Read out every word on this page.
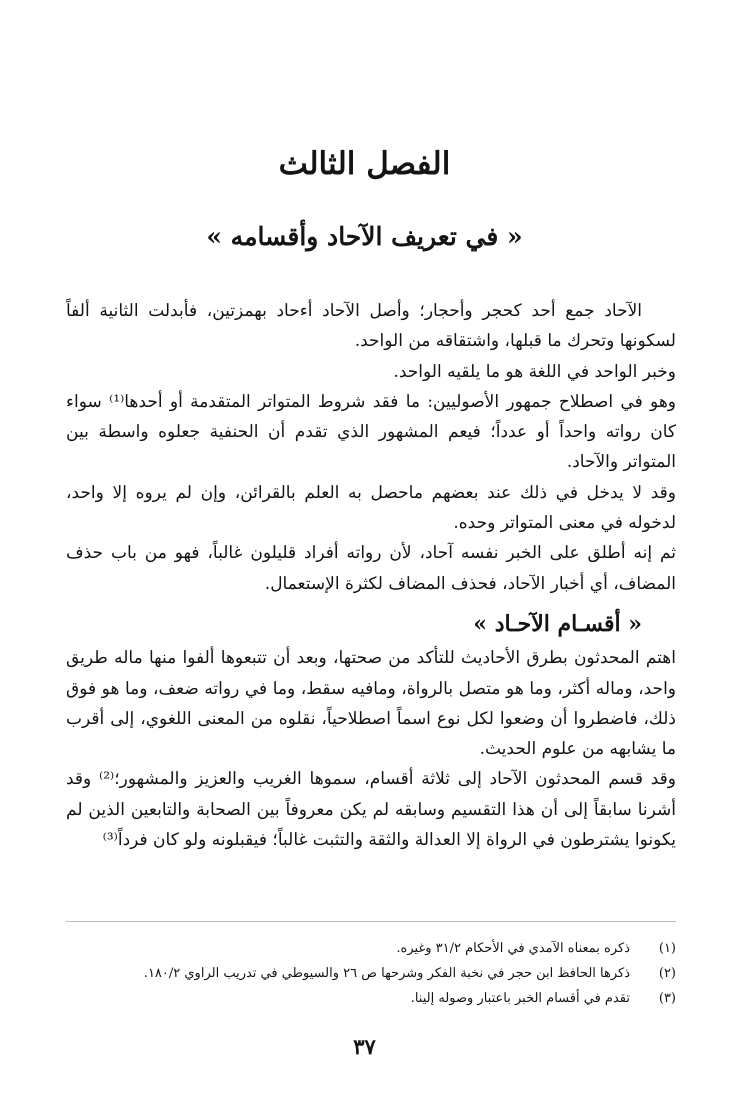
الفصل الثالث
« في تعريف الآحاد وأقسامه »

الآحاد جمع أحد كحجر وأحجار؛ وأصل الآحاد أءحاد بهمزتين، فأبدلت الثانية ألفاً لسكونها وتحرك ما قبلها، واشتقاقه من الواحد.

وخبر الواحد في اللغة هو ما يلقيه الواحد.

وهو في اصطلاح جمهور الأصوليين: ما فقد شروط المتواتر المتقدمة أو أحدها⁽¹⁾ سواء كان رواته واحداً أو عدداً؛ فيعم المشهور الذي تقدم أن الحنفية جعلوه واسطة بين المتواتر والآحاد.

وقد لا يدخل في ذلك عند بعضهم ماحصل به العلم بالقرائن، وإن لم يروه إلا واحد، لدخوله في معنى المتواتر وحده.

ثم إنه أطلق على الخبر نفسه آحاد، لأن رواته أفراد قليلون غالباً، فهو من باب حذف المضاف، أي أخبار الآحاد، فحذف المضاف لكثرة الإستعمال.

« أقسـام الآحـاد »

اهتم المحدثون بطرق الأحاديث للتأكد من صحتها، وبعد أن تتبعوها ألفوا منها ماله طريق واحد، وماله أكثر، وما هو متصل بالرواة، ومافيه سقط، وما في رواته ضعف، وما هو فوق ذلك، فاضطروا أن وضعوا لكل نوع اسماً اصطلاحياً، نقلوه من المعنى اللغوي، إلى أقرب ما يشابهه من علوم الحديث.

وقد قسم المحدثون الآحاد إلى ثلاثة أقسام، سموها الغريب والعزيز والمشهور؛⁽²⁾ وقد أشرنا سابقاً إلى أن هذا التقسيم وسابقه لم يكن معروفاً بين الصحابة والتابعين الذين لم يكونوا يشترطون في الرواة إلا العدالة والثقة والتثبت غالباً؛ فيقبلونه ولو كان فرداً⁽³⁾

(١)ذكره بمعناه الآمدي في الأحكام ٣١/٢ وغيره.
(٢)ذكرها الحافظ ابن حجر في نخبة الفكر وشرحها ص ٢٦ والسيوطي في تدريب الراوي ١٨٠/٢.
(٣)تقدم في أقسام الخبر باعتبار وصوله إلينا.
٣٧
